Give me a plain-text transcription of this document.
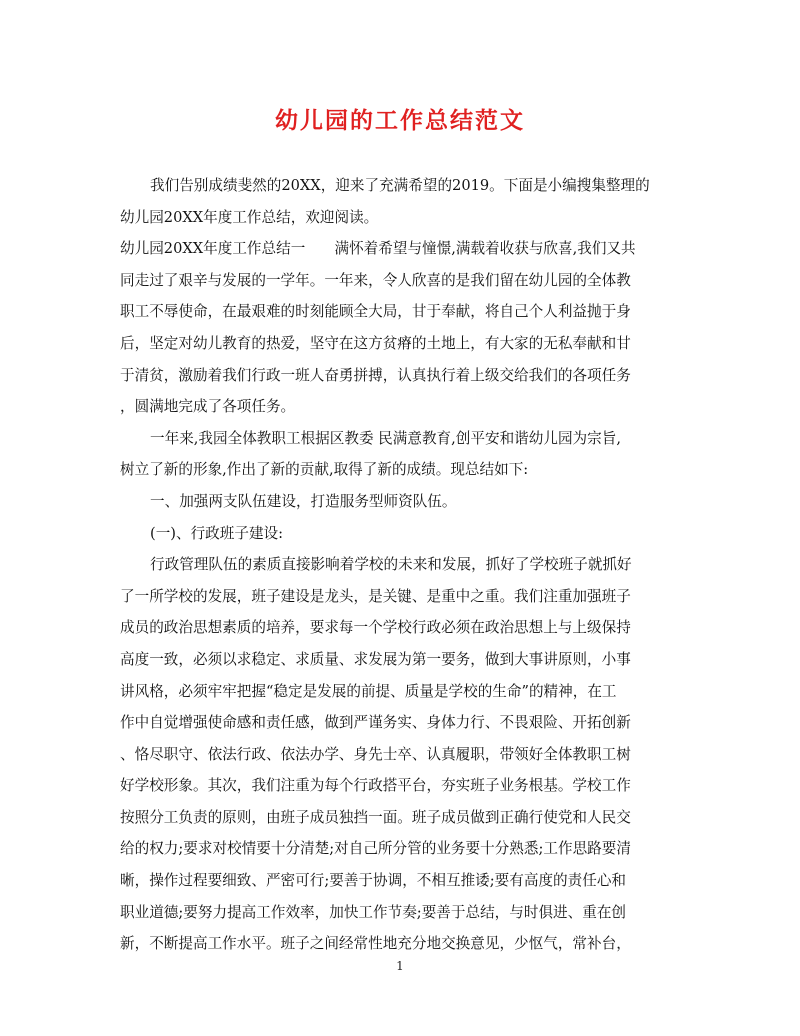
幼儿园的工作总结范文
我们告别成绩斐然的20XX，迎来了充满希望的2019。下面是小编搜集整理的
幼儿园20XX年度工作总结，欢迎阅读。
幼儿园20XX年度工作总结一　　满怀着希望与憧憬,满载着收获与欣喜,我们又共
同走过了艰辛与发展的一学年。一年来，令人欣喜的是我们留在幼儿园的全体教
职工不辱使命，在最艰难的时刻能顾全大局，甘于奉献，将自己个人利益抛于身
后，坚定对幼儿教育的热爱，坚守在这方贫瘠的土地上，有大家的无私奉献和甘
于清贫，激励着我们行政一班人奋勇拼搏，认真执行着上级交给我们的各项任务
，圆满地完成了各项任务。
一年来,我园全体教职工根据区教委 民满意教育,创平安和谐幼儿园为宗旨,
树立了新的形象,作出了新的贡献,取得了新的成绩。现总结如下:
一、加强两支队伍建设，打造服务型师资队伍。
(一)、行政班子建设:
行政管理队伍的素质直接影响着学校的未来和发展，抓好了学校班子就抓好
了一所学校的发展，班子建设是龙头，是关键、是重中之重。我们注重加强班子
成员的政治思想素质的培养，要求每一个学校行政必须在政治思想上与上级保持
高度一致，必须以求稳定、求质量、求发展为第一要务，做到大事讲原则，小事
讲风格，必须牢牢把握“稳定是发展的前提、质量是学校的生命”的精神，在工
作中自觉增强使命感和责任感，做到严谨务实、身体力行、不畏艰险、开拓创新
、恪尽职守、依法行政、依法办学、身先士卒、认真履职，带领好全体教职工树
好学校形象。其次，我们注重为每个行政搭平台，夯实班子业务根基。学校工作
按照分工负责的原则，由班子成员独挡一面。班子成员做到正确行使党和人民交
给的权力;要求对校情要十分清楚;对自己所分管的业务要十分熟悉;工作思路要清
晰，操作过程要细致、严密可行;要善于协调，不相互推诿;要有高度的责任心和
职业道德;要努力提高工作效率，加快工作节奏;要善于总结，与时俱进、重在创
新，不断提高工作水平。班子之间经常性地充分地交换意见，少怄气，常补台，
1
